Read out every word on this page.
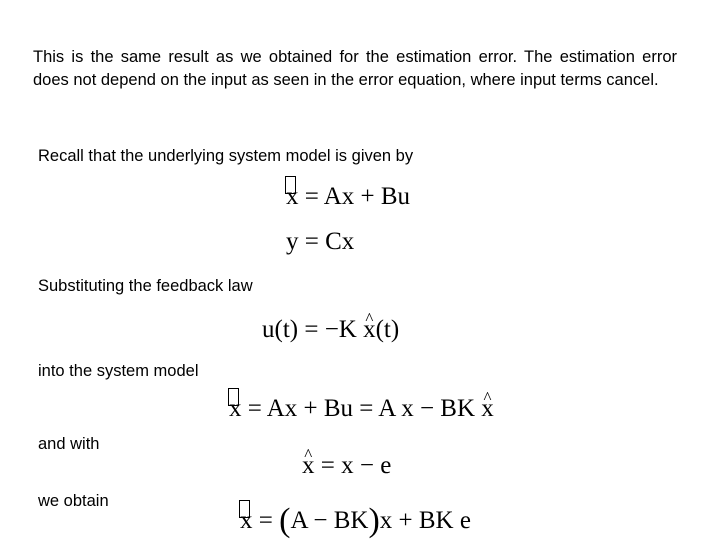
This is the same result as we obtained for the estimation error. The estimation error does not depend on the input as seen in the error equation, where input terms cancel.

Recall that the underlying system model is given by

x = Ax + Bu
y = Cx

Substituting the feedback law

u(t) = −K x ^(t)

into the system model

x = Ax + Bu = A x − BK x ^

and with

x ^ = x − e

we obtain

x = (A − BK)x + BK e
